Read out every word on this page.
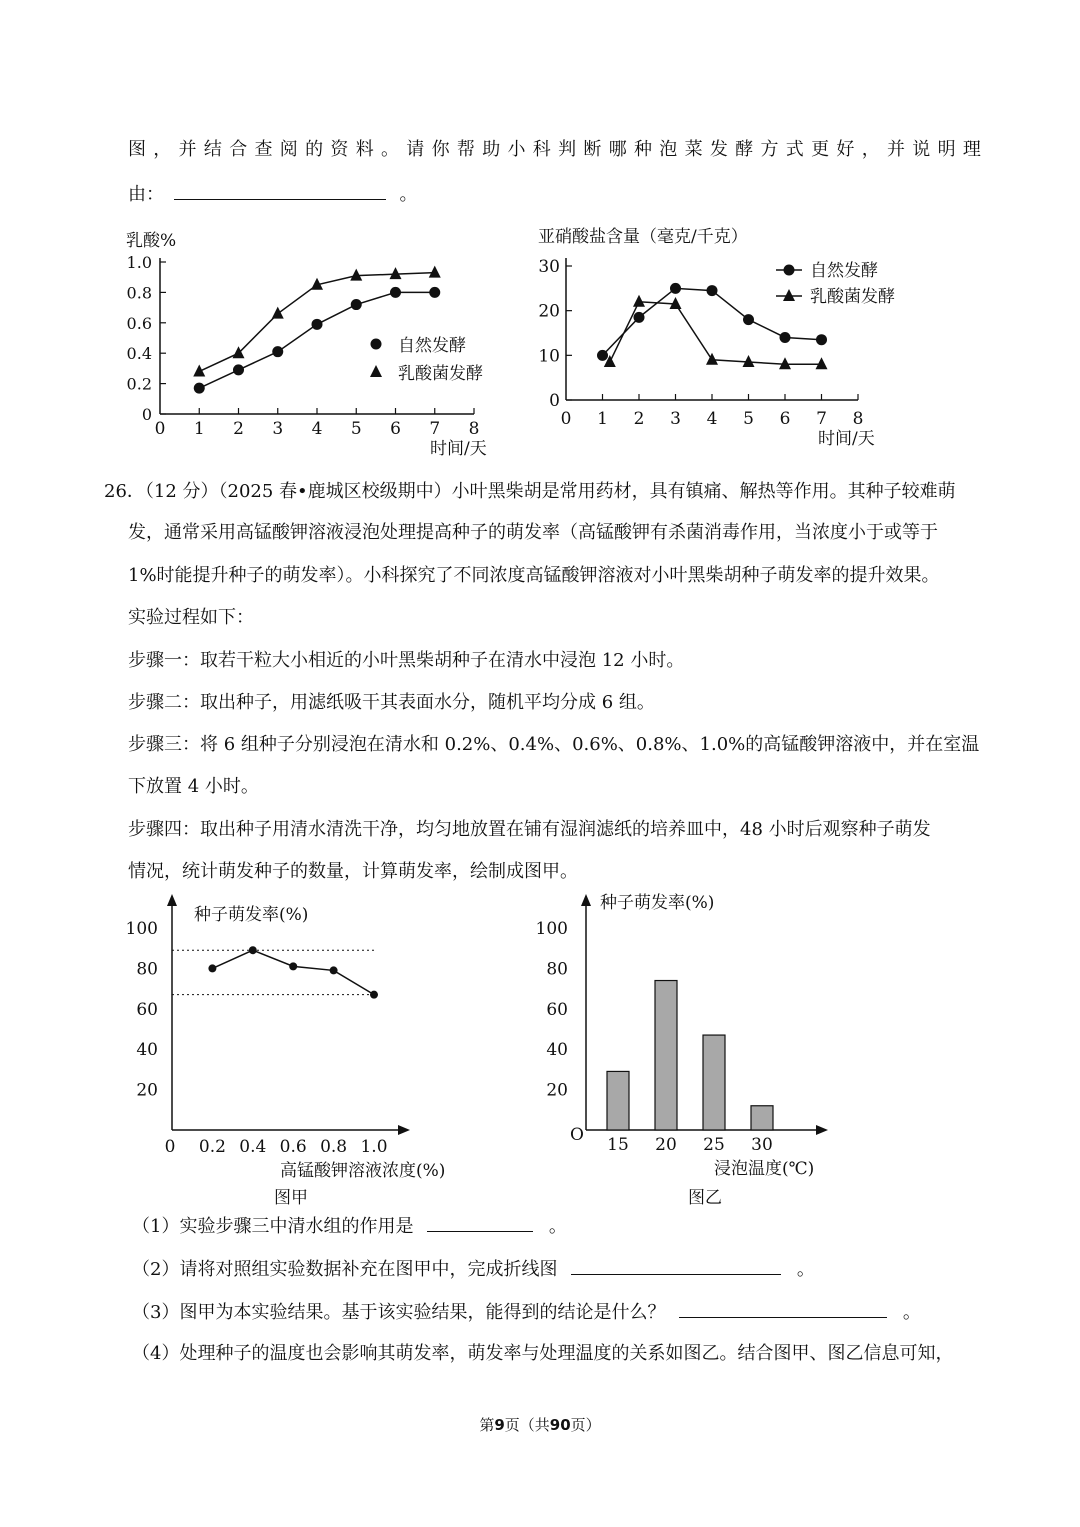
图，并结合查阅的资料。请你帮助小科判断哪种泡菜发酵方式更好，并说明理
由：	。
乳酸%
0 1 2 3 4 5 6 7 8
0
0.2
0.4
0.6
0.8
1.0
时间/天
自然发酵
乳酸菌发酵
亚硝酸盐含量（毫克/千克）
0 1 2 3 4 5 6 7 8
0
10
20
30
时间/天
自然发酵
乳酸菌发酵
26．（12 分）（2025 春•鹿城区校级期中）小叶黑柴胡是常用药材，具有镇痛、解热等作用。其种子较难萌
发，通常采用高锰酸钾溶液浸泡处理提高种子的萌发率（高锰酸钾有杀菌消毒作用，当浓度小于或等于
1%时能提升种子的萌发率）。小科探究了不同浓度高锰酸钾溶液对小叶黑柴胡种子萌发率的提升效果。
实验过程如下：
步骤一：取若干粒大小相近的小叶黑柴胡种子在清水中浸泡 12 小时。
步骤二：取出种子，用滤纸吸干其表面水分，随机平均分成 6 组。
步骤三：将 6 组种子分别浸泡在清水和 0.2%、0.4%、0.6%、0.8%、1.0%的高锰酸钾溶液中，并在室温
下放置 4 小时。
步骤四：取出种子用清水清洗干净，均匀地放置在铺有湿润滤纸的培养皿中，48 小时后观察种子萌发
情况，统计萌发种子的数量，计算萌发率，绘制成图甲。
种子萌发率(%)
0 0.2 0.4 0.6 0.8 1.0
20
40
60
80
100
高锰酸钾溶液浓度(%)
图甲
种子萌发率(%)
O
20
40
60
80
100
15 20 25 30
浸泡温度(℃)
图乙
（1）实验步骤三中清水组的作用是	。
（2）请将对照组实验数据补充在图甲中，完成折线图	。
（3）图甲为本实验结果。基于该实验结果，能得到的结论是什么？	。
（4）处理种子的温度也会影响其萌发率，萌发率与处理温度的关系如图乙。结合图甲、图乙信息可知，
第9页（共90页）
